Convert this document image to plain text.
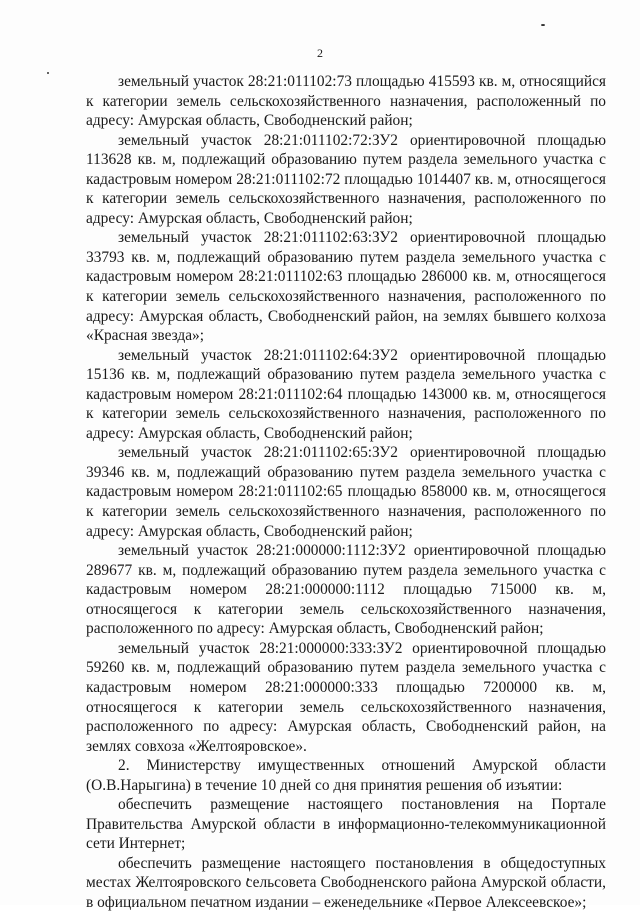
2

земельный участок 28:21:011102:73 площадью 415593 кв. м, относящийся к категории земель сельскохозяйственного назначения, расположенный по адресу: Амурская область, Свободненский район;

земельный участок 28:21:011102:72:ЗУ2 ориентировочной площадью 113628 кв. м, подлежащий образованию путем раздела земельного участка с кадастровым номером 28:21:011102:72 площадью 1014407 кв. м, относящегося к категории земель сельскохозяйственного назначения, расположенного по адресу: Амурская область, Свободненский район;

земельный участок 28:21:011102:63:ЗУ2 ориентировочной площадью 33793 кв. м, подлежащий образованию путем раздела земельного участка с кадастровым номером 28:21:011102:63 площадью 286000 кв. м, относящегося к категории земель сельскохозяйственного назначения, расположенного по адресу: Амурская область, Свободненский район, на землях бывшего колхоза «Красная звезда»;

земельный участок 28:21:011102:64:ЗУ2 ориентировочной площадью 15136 кв. м, подлежащий образованию путем раздела земельного участка с кадастровым номером 28:21:011102:64 площадью 143000 кв. м, относящегося к категории земель сельскохозяйственного назначения, расположенного по адресу: Амурская область, Свободненский район;

земельный участок 28:21:011102:65:ЗУ2 ориентировочной площадью 39346 кв. м, подлежащий образованию путем раздела земельного участка с кадастровым номером 28:21:011102:65 площадью 858000 кв. м, относящегося к категории земель сельскохозяйственного назначения, расположенного по адресу: Амурская область, Свободненский район;

земельный участок 28:21:000000:1112:ЗУ2 ориентировочной площадью 289677 кв. м, подлежащий образованию путем раздела земельного участка с кадастровым номером 28:21:000000:1112 площадью 715000 кв. м, относящегося к категории земель сельскохозяйственного назначения, расположенного по адресу: Амурская область, Свободненский район;

земельный участок 28:21:000000:333:ЗУ2 ориентировочной площадью 59260 кв. м, подлежащий образованию путем раздела земельного участка с кадастровым номером 28:21:000000:333 площадью 7200000 кв. м, относящегося к категории земель сельскохозяйственного назначения, расположенного по адресу: Амурская область, Свободненский район, на землях совхоза «Желтояровское».

2. Министерству имущественных отношений Амурской области (О.В.Нарыгина) в течение 10 дней со дня принятия решения об изъятии:

обеспечить размещение настоящего постановления на Портале Правительства Амурской области в информационно-телекоммуникационной сети Интернет;

обеспечить размещение настоящего постановления в общедоступных местах Желтояровского сельсовета Свободненского района Амурской области, в официальном печатном издании – еженедельнике «Первое Алексеевское»;
